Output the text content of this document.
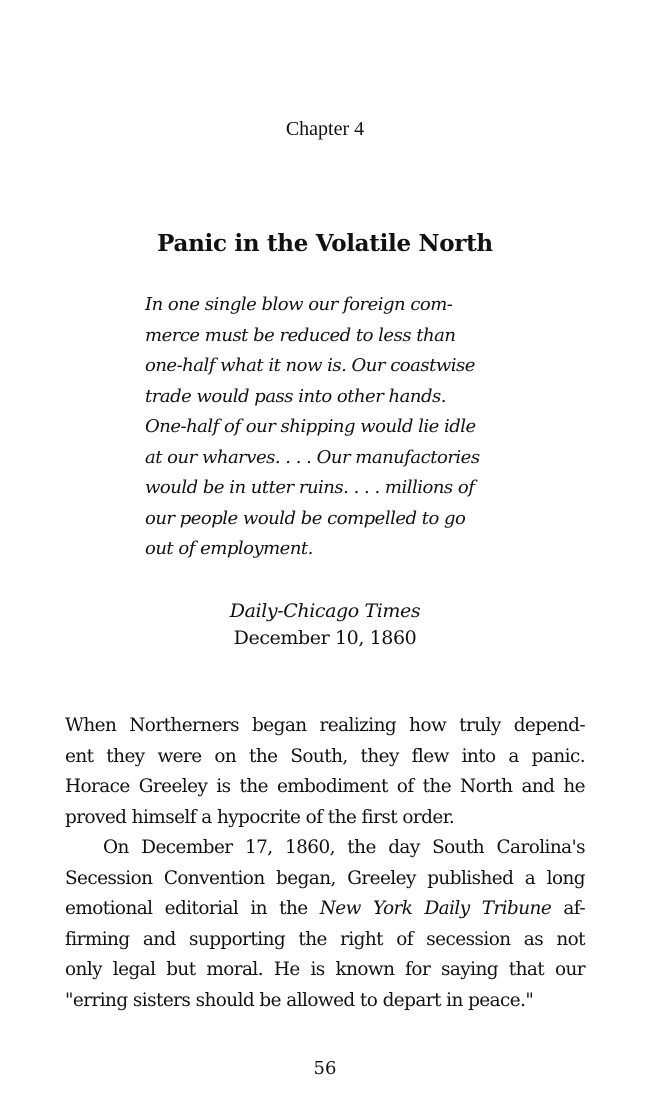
Chapter 4
Panic in the Volatile North
In one single blow our foreign com-
merce must be reduced to less than
one-half what it now is. Our coastwise
trade would pass into other hands.
One-half of our shipping would lie idle
at our wharves. . . . Our manufactories
would be in utter ruins. . . . millions of
our people would be compelled to go
out of employment.
Daily-Chicago Times
December 10, 1860
When Northerners began realizing how truly depend-
ent they were on the South, they flew into a panic.
Horace Greeley is the embodiment of the North and he
proved himself a hypocrite of the first order.
On December 17, 1860, the day South Carolina's
Secession Convention began, Greeley published a long
emotional editorial in the New York Daily Tribune af-
firming and supporting the right of secession as not
only legal but moral. He is known for saying that our
"erring sisters should be allowed to depart in peace."
56
